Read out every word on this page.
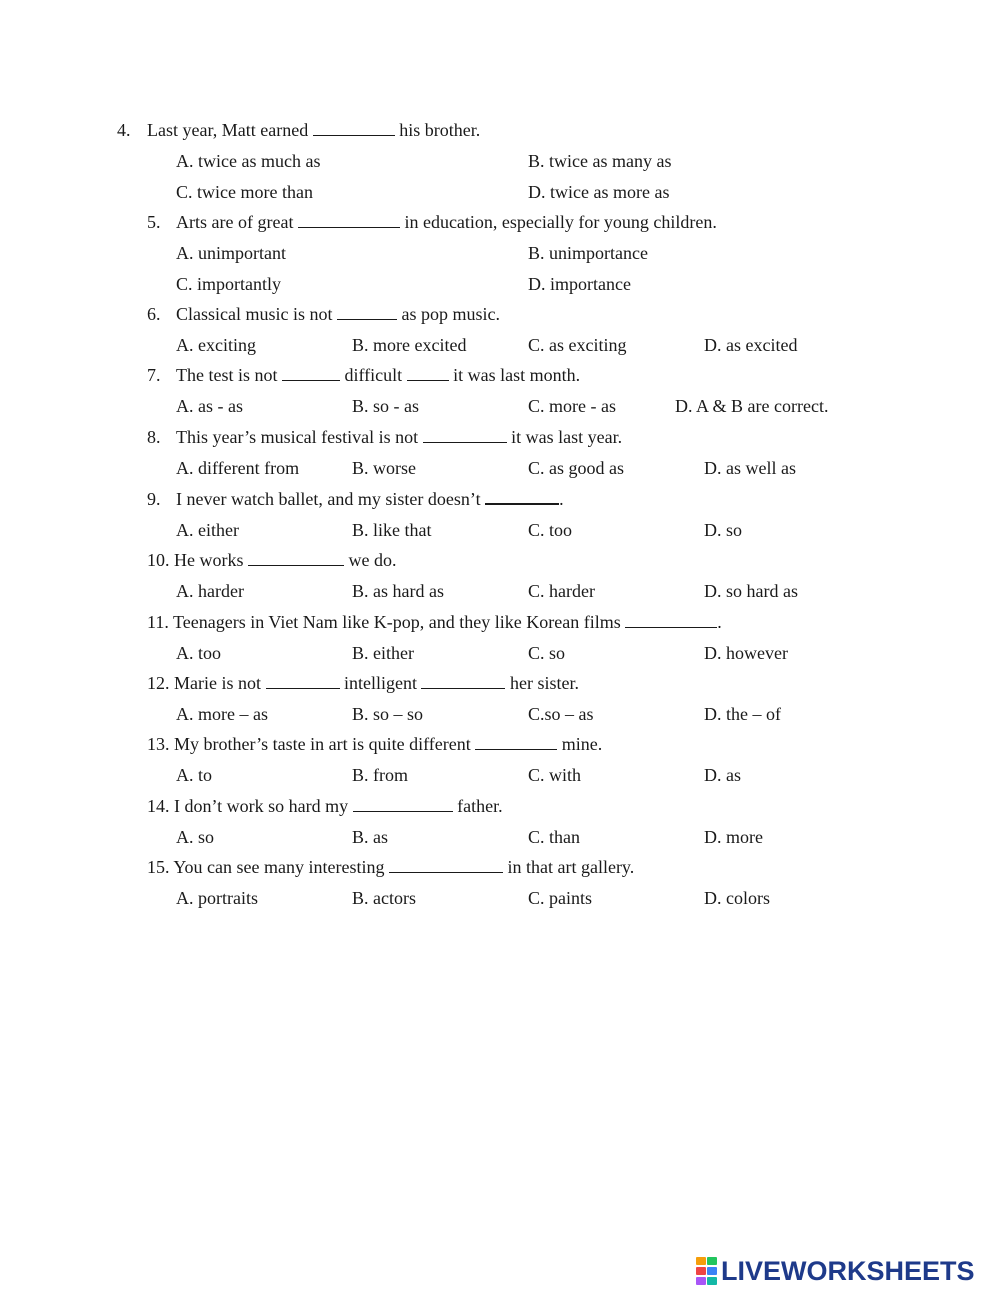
4. Last year, Matt earned	his brother.
A. twice as much as	B. twice as many as
C. twice more than	D. twice as more as
5. Arts are of great	in education, especially for young children.
A. unimportant	B. unimportance
C. importantly	D. importance
6. Classical music is not	as pop music.
A. exciting	B. more excited	C. as exciting	D. as excited
7. The test is not	difficult  it was last month.
A. as - as	B. so - as	C. more - as	D. A & B are correct.
8. This year’s musical festival is not	it was last year.
A. different from	B. worse	C. as good as	D. as well as
9. I never watch ballet, and my sister doesn’t	.
A. either	B. like that	C. too	D. so
10. He works	we do.
A. harder	B. as hard as	C. harder	D. so hard as
11. Teenagers in Viet Nam like K-pop, and they like Korean films	.
A. too	B. either	C. so	D. however
12. Marie is not	intelligent	her sister.
A. more – as	B. so – so	C.so – as	D. the – of
13. My brother’s taste in art is quite different	mine.
A. to	B. from	C. with	D. as
14. I don’t work so hard my	father.
A. so	B. as	C. than	D. more
15. You can see many interesting	in that art gallery.
A. portraits	B. actors	C. paints	D. colors
LIVEWORKSHEETS
